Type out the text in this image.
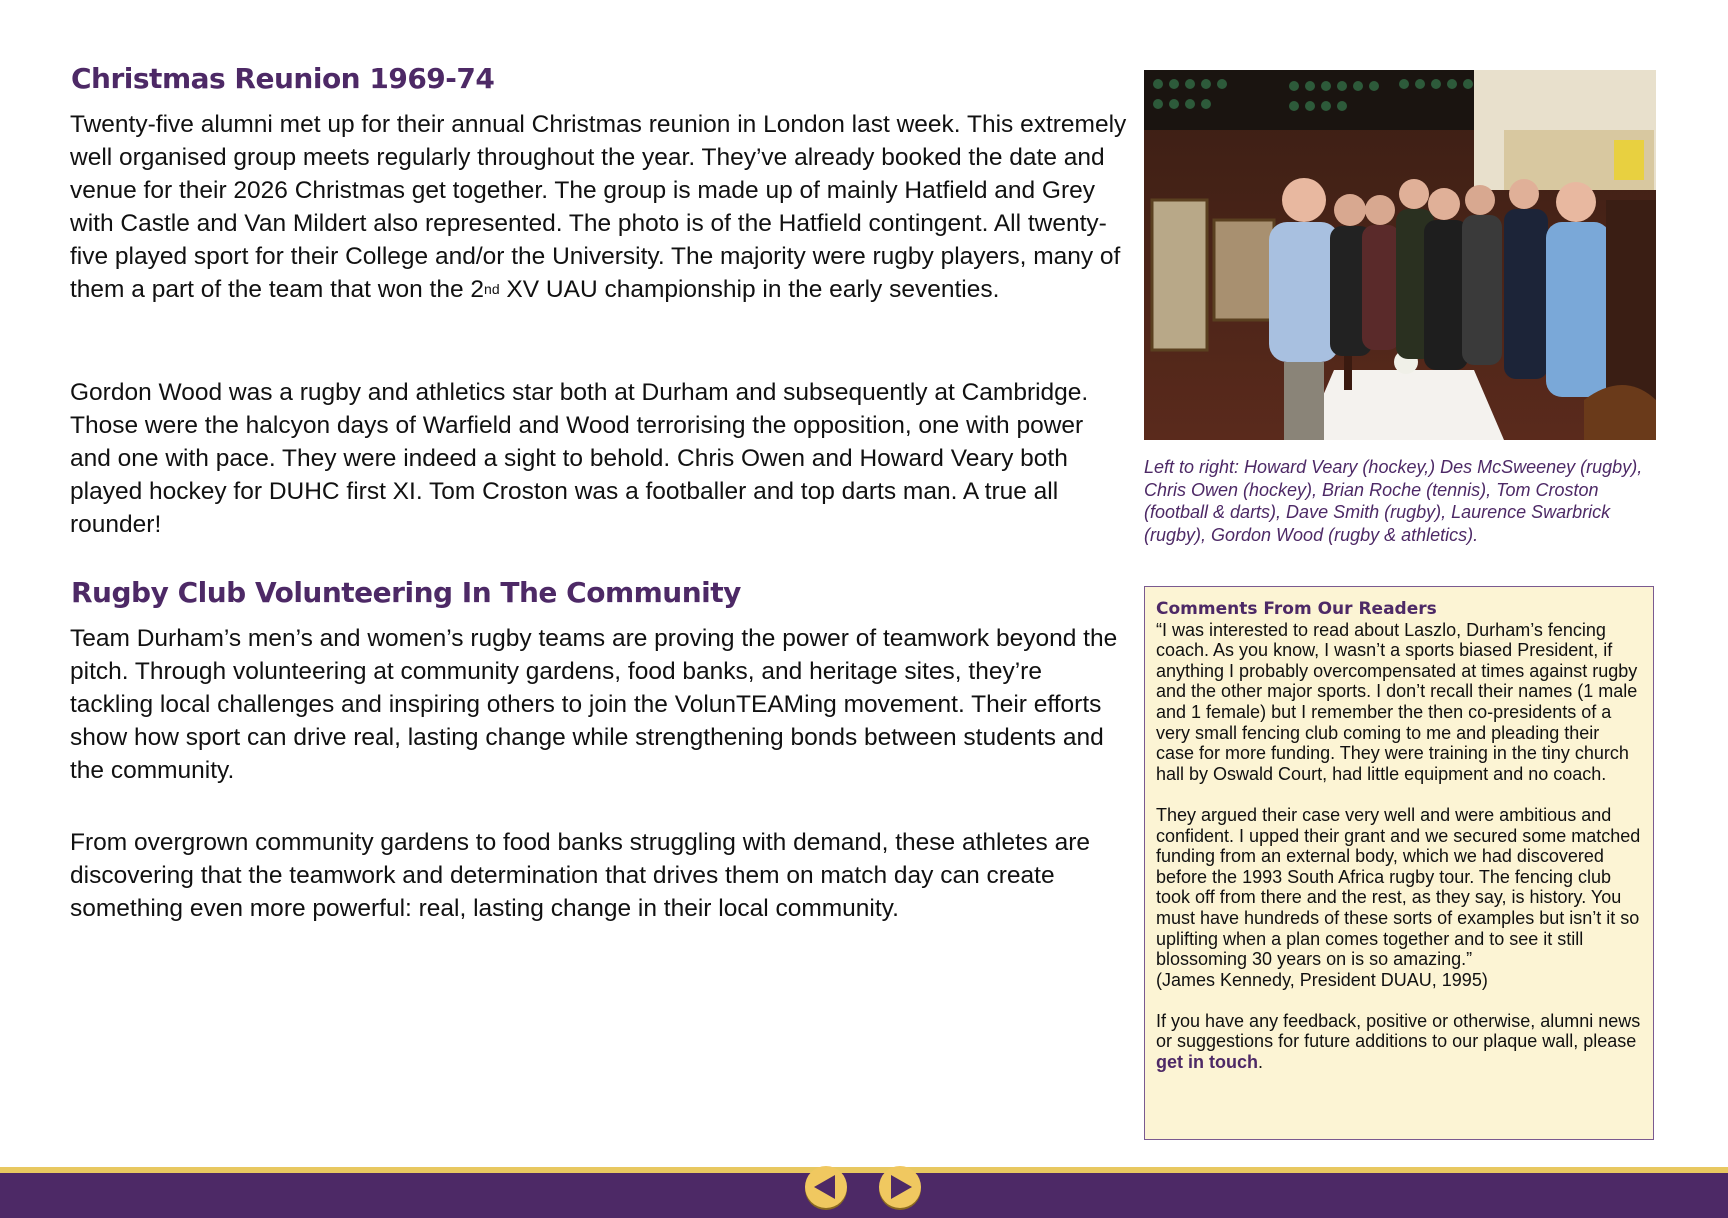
Christmas Reunion 1969-74

Twenty-five alumni met up for their annual Christmas reunion in London last week. This extremely well organised group meets regularly throughout the year. They’ve already booked the date and venue for their 2026 Christmas get together. The group is made up of mainly Hatfield and Grey with Castle and Van Mildert also represented. The photo is of the Hatfield contingent. All twenty-five played sport for their College and/or the University. The majority were rugby players, many of them a part of the team that won the 2nd XV UAU championship in the early seventies.

Gordon Wood was a rugby and athletics star both at Durham and subsequently at Cambridge. Those were the halcyon days of Warfield and Wood terrorising the opposition, one with power and one with pace. They were indeed a sight to behold. Chris Owen and Howard Veary both played hockey for DUHC first XI. Tom Croston was a footballer and top darts man. A true all rounder!

Rugby Club Volunteering In The Community

Team Durham’s men’s and women’s rugby teams are proving the power of teamwork beyond the pitch. Through volunteering at community gardens, food banks, and heritage sites, they’re tackling local challenges and inspiring others to join the VolunTEAMing movement. Their efforts show how sport can drive real, lasting change while strengthening bonds between students and the community.

From overgrown community gardens to food banks struggling with demand, these athletes are discovering that the teamwork and determination that drives them on match day can create something even more powerful: real, lasting change in their local community.

Left to right: Howard Veary (hockey,) Des McSweeney (rugby), Chris Owen (hockey), Brian Roche (tennis), Tom Croston (football & darts), Dave Smith (rugby), Laurence Swarbrick (rugby), Gordon Wood (rugby & athletics).

Comments From Our Readers

“I was interested to read about Laszlo, Durham’s fencing coach. As you know, I wasn’t a sports biased President, if anything I probably overcompensated at times against rugby and the other major sports. I don’t recall their names (1 male and 1 female) but I remember the then co-presidents of a very small fencing club coming to me and pleading their case for more funding. They were training in the tiny church hall by Oswald Court, had little equipment and no coach.

They argued their case very well and were ambitious and confident. I upped their grant and we secured some matched funding from an external body, which we had discovered before the 1993 South Africa rugby tour. The fencing club took off from there and the rest, as they say, is history. You must have hundreds of these sorts of examples but isn’t it so uplifting when a plan comes together and to see it still blossoming 30 years on is so amazing.”

(James Kennedy, President DUAU, 1995)

If you have any feedback, positive or otherwise, alumni news or suggestions for future additions to our plaque wall, please get in touch.
